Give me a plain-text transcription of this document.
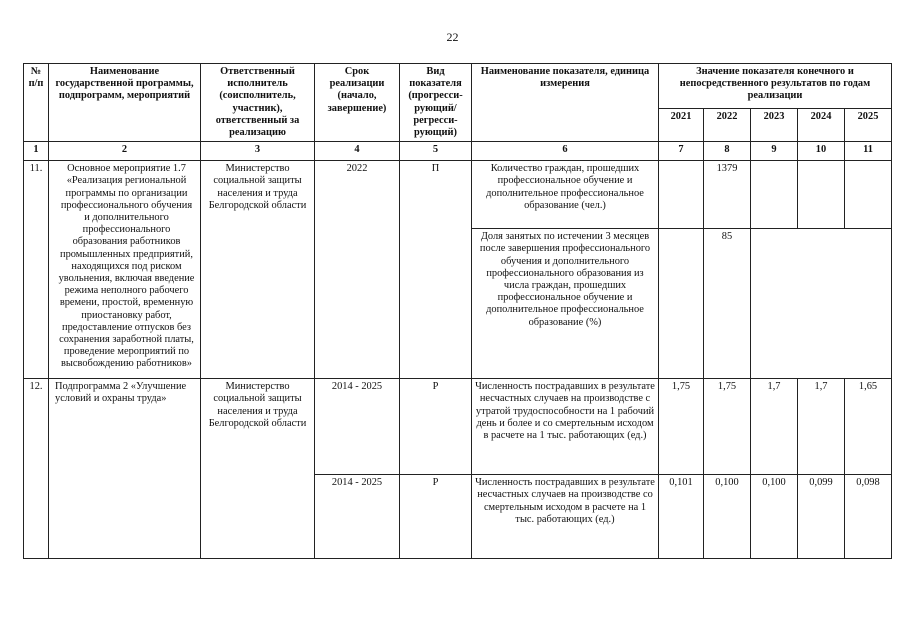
22
№ п/п	Наименование государственной программы, подпрограмм, мероприятий	Ответственный исполнитель (соисполнитель, участник), ответственный за реализацию	Срок реализации (начало, завершение)	Вид показателя (прогресси-рующий/ регресси-рующий)	Наименование показателя, единица измерения	Значение показателя конечного и непосредственного результатов по годам реализации				
						2021	2022	2023	2024	2025
1	2	3	4	5	6	7	8	9	10	11
11.	Основное мероприятие 1.7 «Реализация региональной программы по организации профессионального обучения и дополнительного профессионального образования работников промышленных предприятий, находящихся под риском увольнения, включая введение режима неполного рабочего времени, простой, временную приостановку работ, предоставление отпусков без сохранения заработной платы, проведение мероприятий по высвобождению работников»	Министерство социальной защиты населения и труда Белгородской области	2022	П	Количество граждан, прошедших профессиональное обучение и дополнительное профессиональное образование (чел.)		1379			
					Доля занятых по истечении 3 месяцев после завершения профессионального обучения и дополнительного профессионального образования из числа граждан, прошедших профессиональное обучение и дополнительное профессиональное образование (%)		85			
12.	Подпрограмма 2 «Улучшение условий и охраны труда»	Министерство социальной защиты населения и труда Белгородской области	2014 - 2025	Р	Численность пострадавших в результате несчастных случаев на производстве с утратой трудоспособности на 1 рабочий день и более и со смертельным исходом в расчете на 1 тыс. работающих (ед.)	1,75	1,75	1,7	1,7	1,65
			2014 - 2025	Р	Численность пострадавших в результате несчастных случаев на производстве со смертельным исходом в расчете на 1 тыс. работающих (ед.)	0,101	0,100	0,100	0,099	0,098
